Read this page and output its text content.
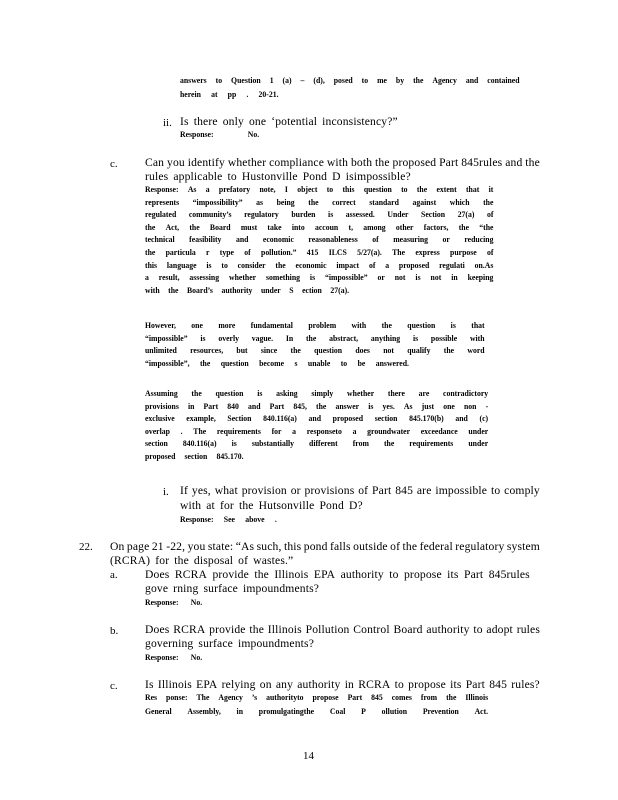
answers to Question 1 (a) – (d), posed to me by the Agency and contained
herein at pp . 20-21.
ii. Is there only one ‘potential inconsistency?”
Response:	No.
c. Can you identify whether compliance with both the proposed Part 845rules and the
rules applicable to Hustonville Pond D isimpossible?
Response: As a prefatory note, I object to this question to the extent that it
represents “impossibility” as being the correct standard against which the
regulated community’s regulatory burden is assessed. Under Section 27(a) of
the Act, the Board must take into accoun t, among other factors, the “the
technical feasibility and economic reasonableness of measuring or reducing
the particula r type of pollution.” 415 ILCS 5/27(a). The express purpose of
this language is to consider the economic impact of a proposed regulati on.As
a result, assessing whether something is “impossible” or not is not in keeping
with the Board’s authority under S ection 27(a).
However, one more fundamental problem with the question is that
“impossible” is overly vague. In the abstract, anything is possible with
unlimited resources, but since the question does not qualify the word
“impossible”, the question become s unable to be answered.
Assuming the question is asking simply whether there are contradictory
provisions in Part 840 and Part 845, the answer is yes. As just one non -
exclusive example, Section 840.116(a) and proposed section 845.170(b) and (c)
overlap . The requirements for a responseto a groundwater exceedance under
section 840.116(a) is substantially different from the requirements under
proposed section 845.170.
i. If yes, what provision or provisions of Part 845 are impossible to comply
with at for the Hutsonville Pond D?
Response: See above .
22. On page 21 -22, you state: “As such, this pond falls outside of the federal regulatory system
(RCRA) for the disposal of wastes.”
a. Does RCRA provide the Illinois EPA authority to propose its Part 845rules
gove rning surface impoundments?
Response: No.
b. Does RCRA provide the Illinois Pollution Control Board authority to adopt rules
governing surface impoundments?
Response: No.
c. Is Illinois EPA relying on any authority in RCRA to propose its Part 845 rules?
Res ponse: The Agency ’s authorityto propose Part 845 comes from the Illinois
General Assembly, in promulgatingthe Coal P ollution Prevention Act.
14
